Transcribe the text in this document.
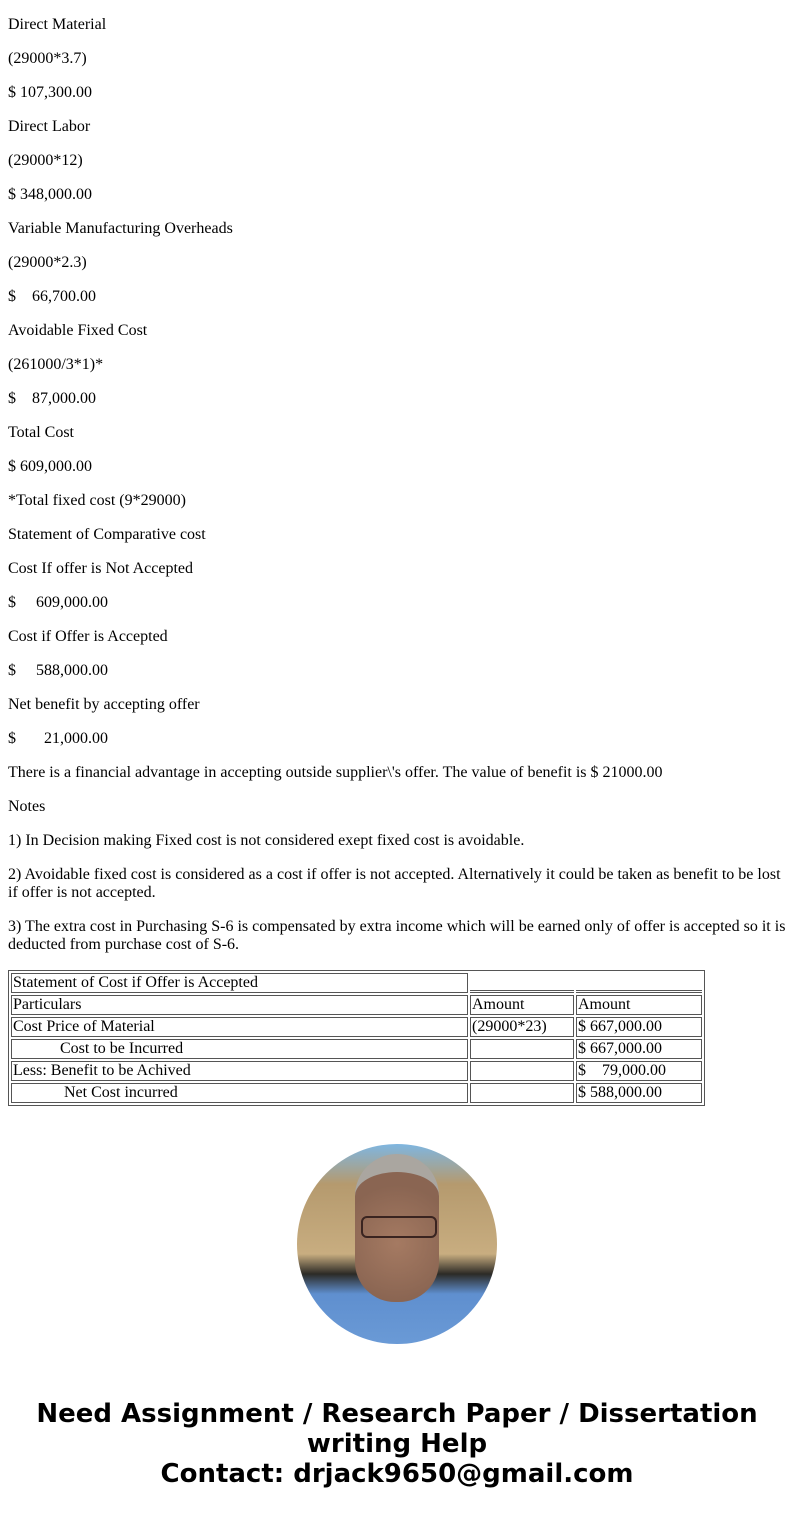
Direct Material

(29000*3.7)

$ 107,300.00

Direct Labor

(29000*12)

$ 348,000.00

Variable Manufacturing Overheads

(29000*2.3)

$    66,700.00

Avoidable Fixed Cost

(261000/3*1)*

$    87,000.00

Total Cost

$ 609,000.00

*Total fixed cost (9*29000)

Statement of Comparative cost

Cost If offer is Not Accepted

$     609,000.00

Cost if Offer is Accepted

$     588,000.00

Net benefit by accepting offer

$       21,000.00

There is a financial advantage in accepting outside supplier\'s offer. The value of benefit is $ 21000.00

Notes

1) In Decision making Fixed cost is not considered exept fixed cost is avoidable.

2) Avoidable fixed cost is considered as a cost if offer is not accepted. Alternatively it could be taken as benefit to be lost if offer is not accepted.

3) The extra cost in Purchasing S-6 is compensated by extra income which will be earned only of offer is accepted so it is deducted from purchase cost of S-6.

Statement of Cost if Offer is Accepted		
Particulars	Amount	Amount
Cost Price of Material	(29000*23)	$ 667,000.00
Cost to be Incurred		$ 667,000.00
Less: Benefit to be Achived		$    79,000.00
Net Cost incurred		$ 588,000.00
Need Assignment / Research Paper / Dissertation writing Help
Contact: drjack9650@gmail.com
